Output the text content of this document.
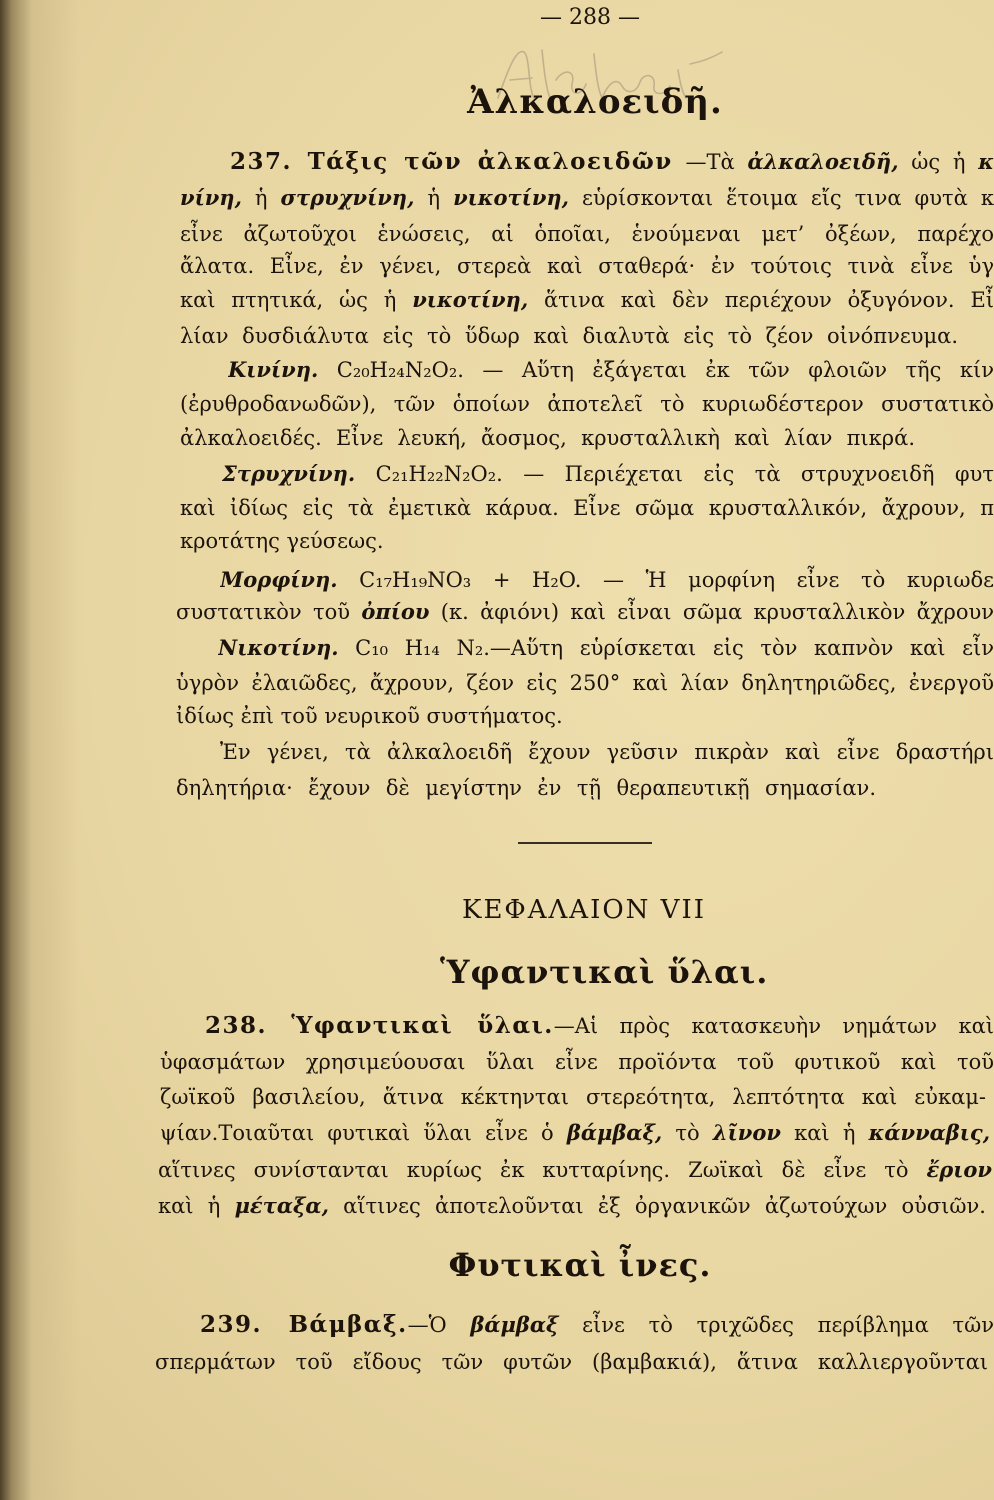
— 288 —
Ἀλκαλοειδῆ.
237. Τάξις τῶν ἀλκαλοειδῶν —Τὰ ἀλκαλοειδῆ, ὡς ἡ κ
νίνη, ἡ στρυχνίνη, ἡ νικοτίνη, εὑρίσκονται ἕτοιμα εἴς τινα φυτὰ κ
εἶνε ἀζωτοῦχοι ἑνώσεις, αἱ ὁποῖαι, ἑνούμεναι μετ’ ὀξέων, παρέχο
ἄλατα. Εἶνε, ἐν γένει, στερεὰ καὶ σταθερά· ἐν τούτοις τινὰ εἶνε ὑγ
καὶ πτητικά, ὡς ἡ νικοτίνη, ἅτινα καὶ δὲν περιέχουν ὀξυγόνον. Εἶ
λίαν δυσδιάλυτα εἰς τὸ ὕδωρ καὶ διαλυτὰ εἰς τὸ ζέον οἰνόπνευμα.
Κινίνη. C₂₀H₂₄N₂O₂. — Αὕτη ἐξάγεται ἐκ τῶν φλοιῶν τῆς κίν
(ἐρυθροδανωδῶν), τῶν ὁποίων ἀποτελεῖ τὸ κυριωδέστερον συστατικὸ
ἀλκαλοειδές. Εἶνε λευκή, ἄοσμος, κρυσταλλικὴ καὶ λίαν πικρά.
Στρυχνίνη. C₂₁H₂₂N₂O₂. — Περιέχεται εἰς τὰ στρυχνοειδῆ φυτ
καὶ ἰδίως εἰς τὰ ἐμετικὰ κάρυα. Εἶνε σῶμα κρυσταλλικόν, ἄχρουν, π
κροτάτης γεύσεως.
Μορφίνη. C₁₇H₁₉NO₃ + H₂O. — Ἡ μορφίνη εἶνε τὸ κυριωδε
συστατικὸν τοῦ ὀπίου (κ. ἀφιόνι) καὶ εἶναι σῶμα κρυσταλλικὸν ἄχρουν
Νικοτίνη. C₁₀ H₁₄ N₂.—Αὕτη εὑρίσκεται εἰς τὸν καπνὸν καὶ εἶν
ὑγρὸν ἐλαιῶδες, ἄχρουν, ζέον εἰς 250° καὶ λίαν δηλητηριῶδες, ἐνεργοῦ
ἰδίως ἐπὶ τοῦ νευρικοῦ συστήματος.
Ἐν γένει, τὰ ἀλκαλοειδῆ ἔχουν γεῦσιν πικρὰν καὶ εἶνε δραστήρι
δηλητήρια· ἔχουν δὲ μεγίστην ἐν τῇ θεραπευτικῇ σημασίαν.
ΚΕΦΑΛΑΙΟΝ VII
Ὑφαντικαὶ ὕλαι.
238. Ὑφαντικαὶ ὕλαι.—Αἱ πρὸς κατασκευὴν νημάτων καὶ
ὑφασμάτων χρησιμεύουσαι ὕλαι εἶνε προϊόντα τοῦ φυτικοῦ καὶ τοῦ
ζωϊκοῦ βασιλείου, ἅτινα κέκτηνται στερεότητα, λεπτότητα καὶ εὐκαμ-
ψίαν.Τοιαῦται φυτικαὶ ὕλαι εἶνε ὁ βάμβαξ, τὸ λῖνον καὶ ἡ κάνναβις,
αἵτινες συνίστανται κυρίως ἐκ κυτταρίνης. Ζωϊκαὶ δὲ εἶνε τὸ ἔριον
καὶ ἡ μέταξα, αἵτινες ἀποτελοῦνται ἐξ ὀργανικῶν ἀζωτούχων οὐσιῶν.
Φυτικαὶ ἶνες.
239. Βάμβαξ.—Ὁ βάμβαξ εἶνε τὸ τριχῶδες περίβλημα τῶν
σπερμάτων τοῦ εἴδους τῶν φυτῶν (βαμβακιά), ἅτινα καλλιεργοῦνται
